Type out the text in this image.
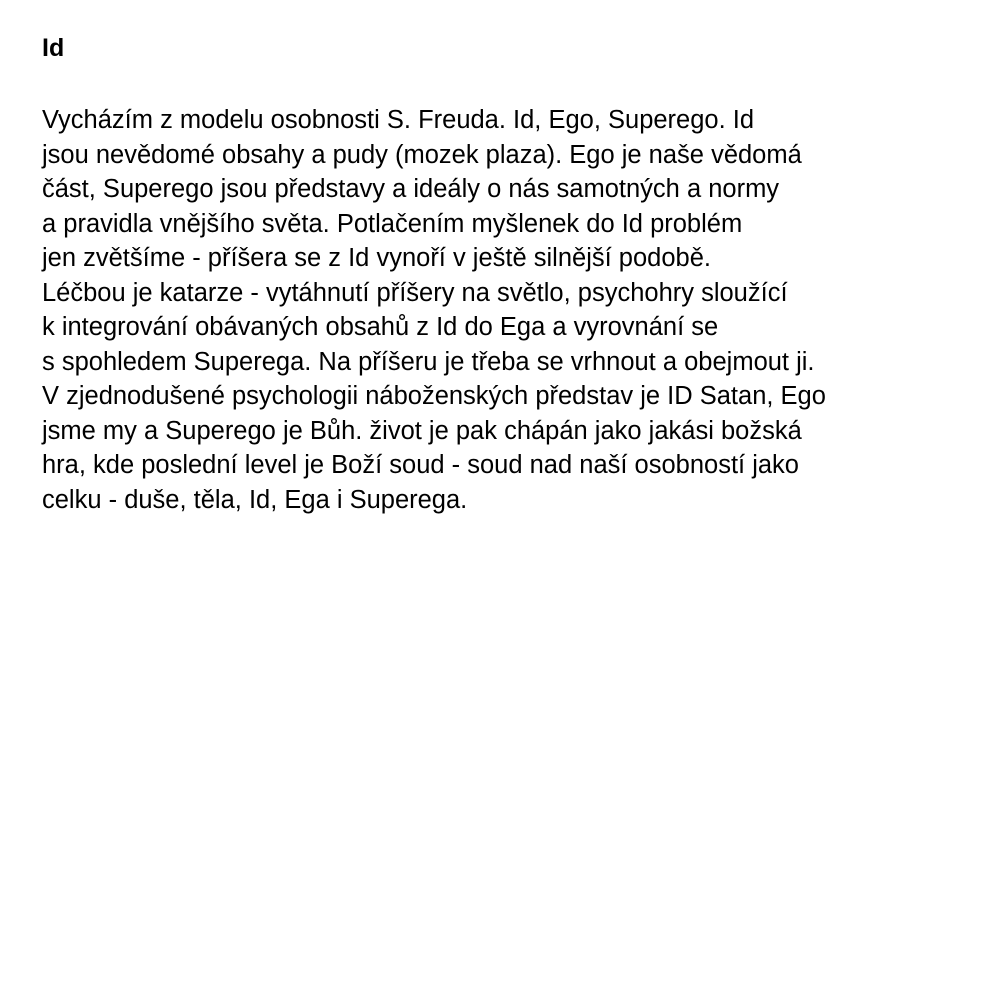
Id
Vycházím z modelu osobnosti S. Freuda. Id, Ego, Superego. Id
jsou nevědomé obsahy a pudy (mozek plaza). Ego je naše vědomá
část, Superego jsou představy a ideály o nás samotných a normy
a pravidla vnějšího světa. Potlačením myšlenek do Id problém
jen zvětšíme - příšera se z Id vynoří v ještě silnější podobě.
Léčbou je katarze - vytáhnutí příšery na světlo, psychohry sloužící
k integrování obávaných obsahů z Id do Ega a vyrovnání se
s spohledem Superega. Na příšeru je třeba se vrhnout a obejmout ji.
V zjednodušené psychologii náboženských představ je ID Satan, Ego
jsme my a Superego je Bůh. život je pak chápán jako jakási božská
hra, kde poslední level je Boží soud - soud nad naší osobností jako
celku - duše, těla, Id, Ega i Superega.
